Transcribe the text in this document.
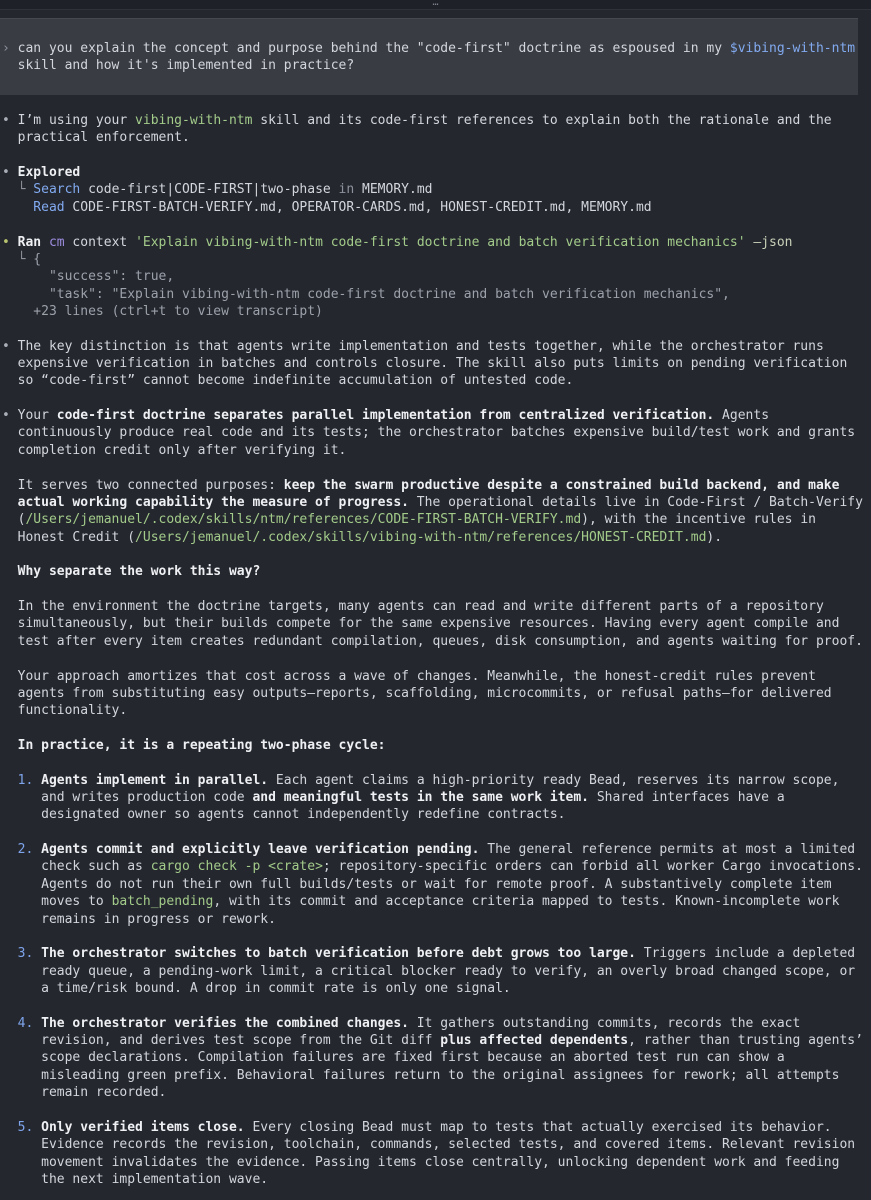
…
› can you explain the concept and purpose behind the "code-first" doctrine as espoused in my $vibing-with-ntm
skill and how it's implemented in practice?
• I’m using your vibing-with-ntm skill and its code-first references to explain both the rationale and the
practical enforcement.
• Explored
└ Search code-first|CODE-FIRST|two-phase in MEMORY.md
Read CODE-FIRST-BATCH-VERIFY.md, OPERATOR-CARDS.md, HONEST-CREDIT.md, MEMORY.md
• Ran cm context 'Explain vibing-with-ntm code-first doctrine and batch verification mechanics' —json
└ {
"success": true,
"task": "Explain vibing-with-ntm code-first doctrine and batch verification mechanics",
+23 lines (ctrl+t to view transcript)
• The key distinction is that agents write implementation and tests together, while the orchestrator runs
expensive verification in batches and controls closure. The skill also puts limits on pending verification
so “code-first” cannot become indefinite accumulation of untested code.
• Your code-first doctrine separates parallel implementation from centralized verification. Agents
continuously produce real code and its tests; the orchestrator batches expensive build/test work and grants
completion credit only after verifying it.
It serves two connected purposes: keep the swarm productive despite a constrained build backend, and make
actual working capability the measure of progress. The operational details live in Code-First / Batch-Verify
(/Users/jemanuel/.codex/skills/ntm/references/CODE-FIRST-BATCH-VERIFY.md), with the incentive rules in
Honest Credit (/Users/jemanuel/.codex/skills/vibing-with-ntm/references/HONEST-CREDIT.md).
Why separate the work this way?
In the environment the doctrine targets, many agents can read and write different parts of a repository
simultaneously, but their builds compete for the same expensive resources. Having every agent compile and
test after every item creates redundant compilation, queues, disk consumption, and agents waiting for proof.
Your approach amortizes that cost across a wave of changes. Meanwhile, the honest-credit rules prevent
agents from substituting easy outputs—reports, scaffolding, microcommits, or refusal paths—for delivered
functionality.
In practice, it is a repeating two-phase cycle:
1. Agents implement in parallel. Each agent claims a high-priority ready Bead, reserves its narrow scope,
and writes production code and meaningful tests in the same work item. Shared interfaces have a
designated owner so agents cannot independently redefine contracts.
2. Agents commit and explicitly leave verification pending. The general reference permits at most a limited
check such as cargo check -p <crate>; repository-specific orders can forbid all worker Cargo invocations.
Agents do not run their own full builds/tests or wait for remote proof. A substantively complete item
moves to batch_pending, with its commit and acceptance criteria mapped to tests. Known-incomplete work
remains in progress or rework.
3. The orchestrator switches to batch verification before debt grows too large. Triggers include a depleted
ready queue, a pending-work limit, a critical blocker ready to verify, an overly broad changed scope, or
a time/risk bound. A drop in commit rate is only one signal.
4. The orchestrator verifies the combined changes. It gathers outstanding commits, records the exact
revision, and derives test scope from the Git diff plus affected dependents, rather than trusting agents’
scope declarations. Compilation failures are fixed first because an aborted test run can show a
misleading green prefix. Behavioral failures return to the original assignees for rework; all attempts
remain recorded.
5. Only verified items close. Every closing Bead must map to tests that actually exercised its behavior.
Evidence records the revision, toolchain, commands, selected tests, and covered items. Relevant revision
movement invalidates the evidence. Passing items close centrally, unlocking dependent work and feeding
the next implementation wave.
